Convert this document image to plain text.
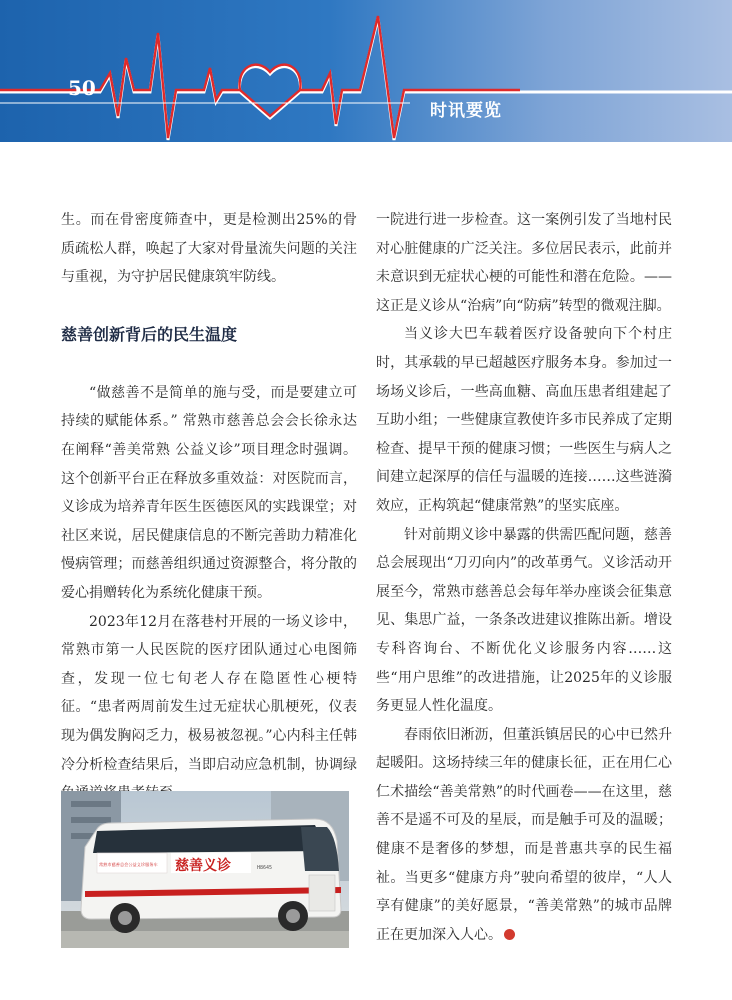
50
时讯要览

生。而在骨密度筛查中，更是检测出25%的骨质疏松人群，唤起了大家对骨量流失问题的关注与重视，为守护居民健康筑牢防线。

慈善创新背后的民生温度

“做慈善不是简单的施与受，而是要建立可持续的赋能体系。” 常熟市慈善总会会长徐永达在阐释“善美常熟 公益义诊”项目理念时强调。这个创新平台正在释放多重效益：对医院而言，义诊成为培养青年医生医德医风的实践课堂；对社区来说，居民健康信息的不断完善助力精准化慢病管理；而慈善组织通过资源整合，将分散的爱心捐赠转化为系统化健康干预。

2023年12月在落巷村开展的一场义诊中，常熟市第一人民医院的医疗团队通过心电图筛查，发现一位七旬老人存在隐匿性心梗特征。“患者两周前发生过无症状心肌梗死，仪表现为偶发胸闷乏力，极易被忽视。”心内科主任韩冷分析检查结果后，当即启动应急机制，协调绿

常熟市慈善总会公益义诊服务车 慈善义诊	H8645

一院进行进一步检查。这一案例引发了当地村民对心脏健康的广泛关注。多位居民表示，此前并未意识到无症状心梗的可能性和潜在危险。——这正是义诊从“治病”向“防病”转型的微观注脚。

当义诊大巴车载着医疗设备驶向下个村庄时，其承载的早已超越医疗服务本身。参加过一场场义诊后，一些高血糖、高血压患者组建起了互助小组；一些健康宣教使许多市民养成了定期检查、提早干预的健康习惯；一些医生与病人之间建立起深厚的信任与温暖的连接……这些涟漪效应，正构筑起“健康常熟”的坚实底座。

针对前期义诊中暴露的供需匹配问题，慈善总会展现出“刀刃向内”的改革勇气。义诊活动开展至今，常熟市慈善总会每年举办座谈会征集意见、集思广益，一条条改进建议推陈出新。增设专科咨询台、不断优化义诊服务内容……这些“用户思维”的改进措施，让2025年的义诊服务更显人性化温度。

春雨依旧淅沥，但董浜镇居民的心中已然升起暖阳。这场持续三年的健康长征，正在用仁心仁术描绘“善美常熟”的时代画卷——在这里，慈善不是遥不可及的星辰，而是触手可及的温暖；健康不是奢侈的梦想，而是普惠共享的民生福祉。当更多“健康方舟”驶向希望的彼岸，“人人享有健康”的美好愿景，“善美常熟”的城市品牌正在更加深入人心。
